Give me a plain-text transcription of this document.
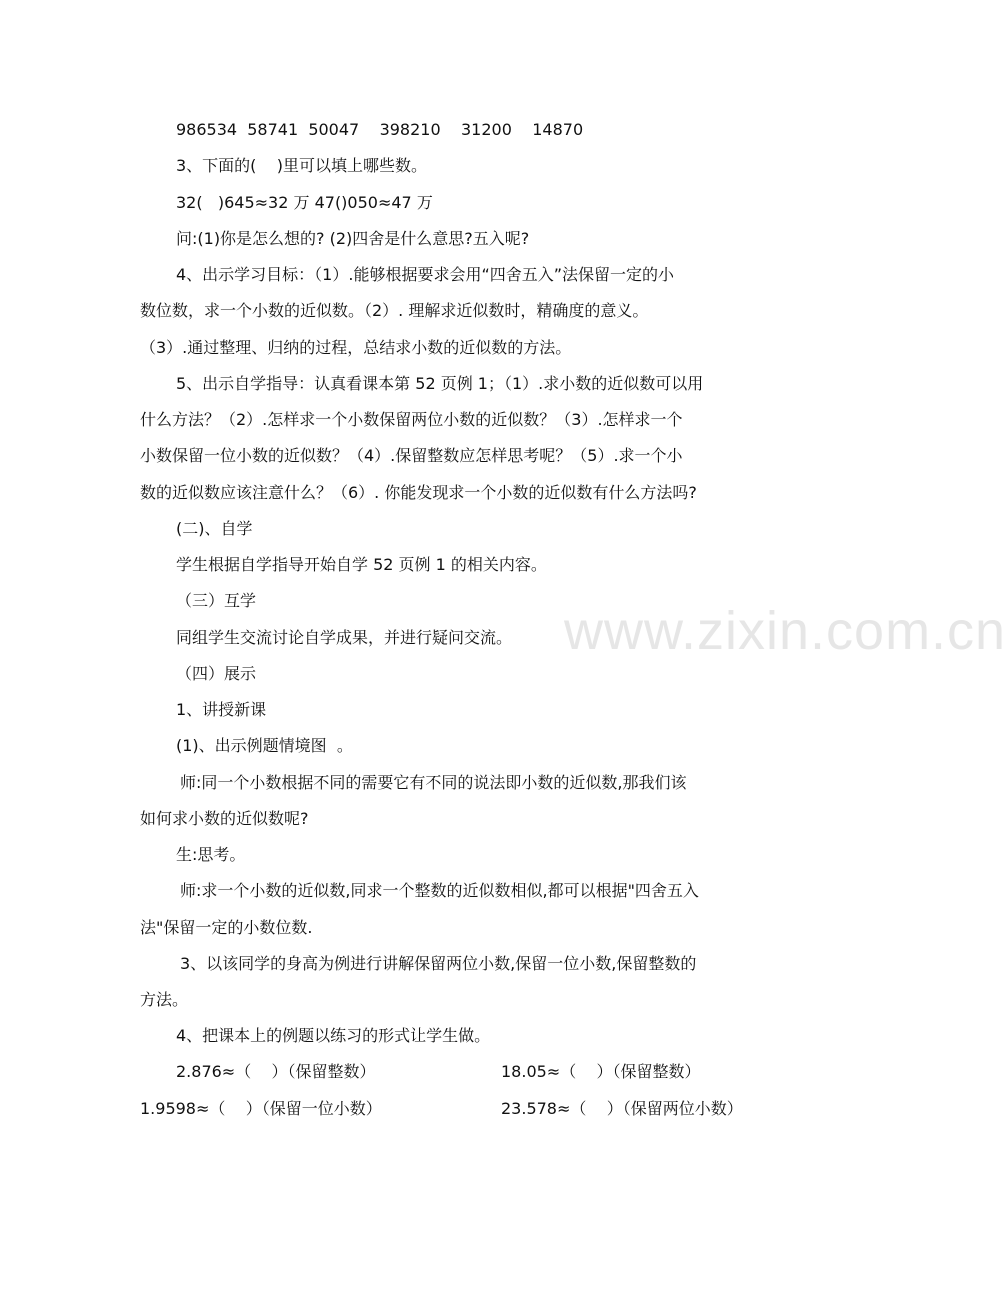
www.zixin.com.cn
986534  58741  50047    398210    31200    14870
3、下面的(    )里可以填上哪些数。
32(   )645≈32 万 47()050≈47 万
问:(1)你是怎么想的? (2)四舍是什么意思?五入呢?
4、出示学习目标：（1）.能够根据要求会用“四舍五入”法保留一定的小
数位数，求一个小数的近似数。（2）. 理解求近似数时，精确度的意义。
（3）.通过整理、归纳的过程，总结求小数的近似数的方法。
5、出示自学指导：认真看课本第 52 页例 1；（1）.求小数的近似数可以用
什么方法？（2）.怎样求一个小数保留两位小数的近似数？（3）.怎样求一个
小数保留一位小数的近似数？（4）.保留整数应怎样思考呢？（5）.求一个小
数的近似数应该注意什么？（6）. 你能发现求一个小数的近似数有什么方法吗?
(二)、自学
学生根据自学指导开始自学 52 页例 1 的相关内容。
（三）互学
同组学生交流讨论自学成果，并进行疑问交流。
（四）展示
1、讲授新课
(1)、出示例题情境图  。
师:同一个小数根据不同的需要它有不同的说法即小数的近似数,那我们该
如何求小数的近似数呢?
生:思考。
师:求一个小数的近似数,同求一个整数的近似数相似,都可以根据"四舍五入
法"保留一定的小数位数.
3、以该同学的身高为例进行讲解保留两位小数,保留一位小数,保留整数的
方法。
4、把课本上的例题以练习的形式让学生做。
2.876≈（    ）（保留整数）	18.05≈（    ）（保留整数）
1.9598≈（    ）（保留一位小数）	23.578≈（    ）（保留两位小数）
